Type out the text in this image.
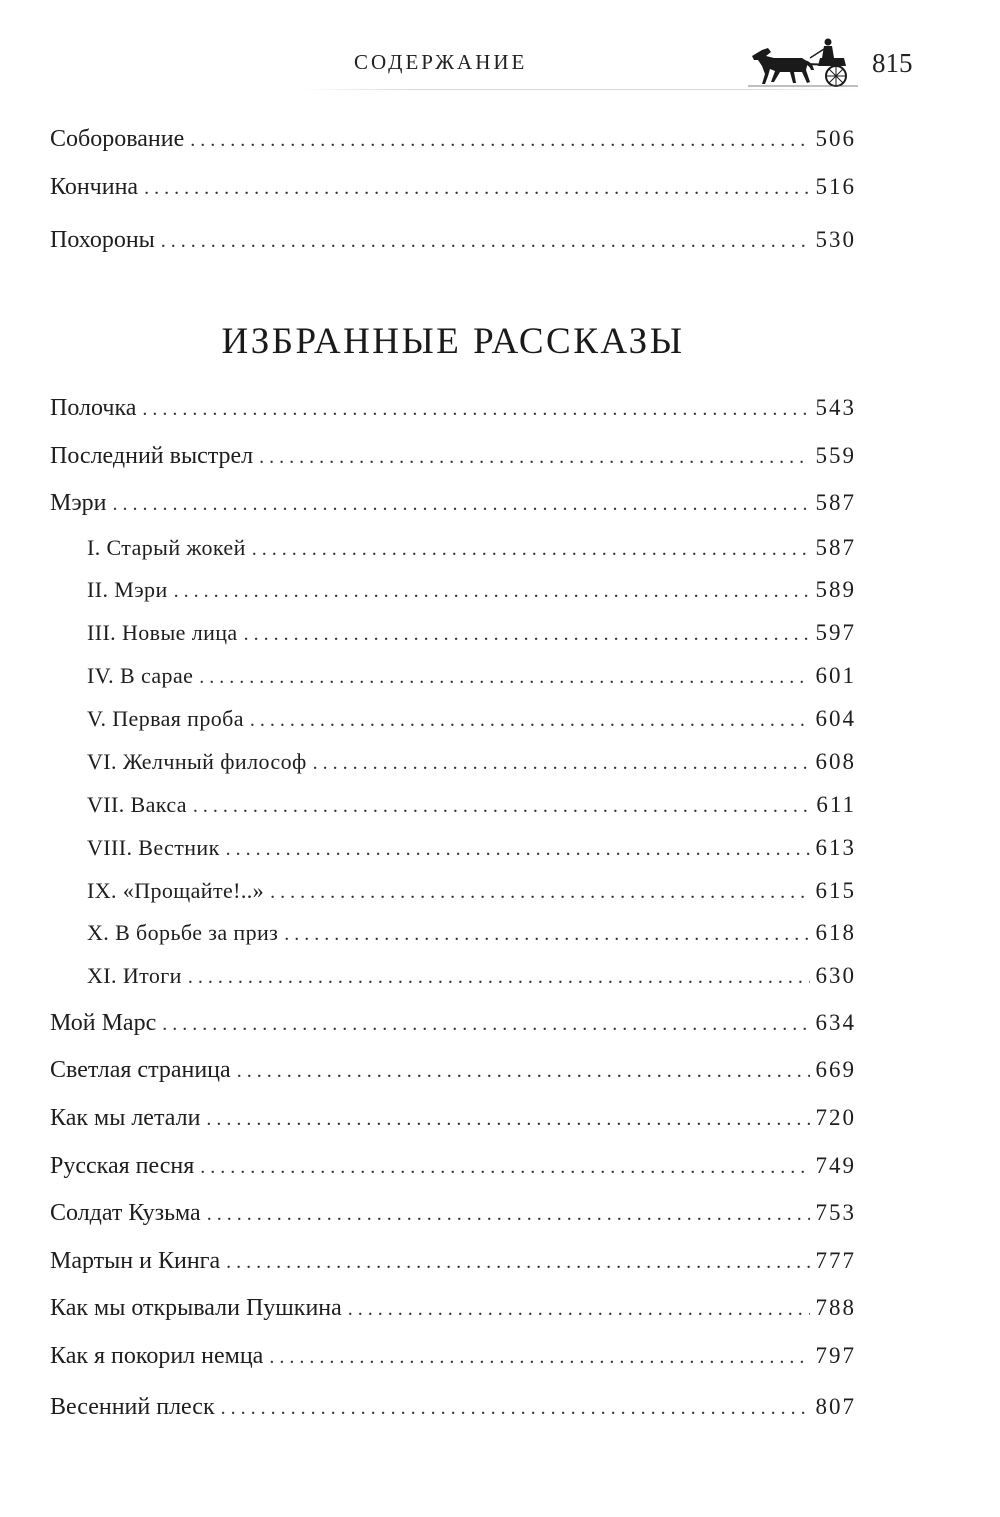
СОДЕРЖАНИЕ	815
Соборование . . .	506
Кончина . . .	516
Похороны . . .	530
ИЗБРАННЫЕ РАССКАЗЫ
Полочка . . .	543
Последний выстрел . . .	559
Мэри . . .	587
I. Старый жокей . . .	587
II. Мэри . . .	589
III. Новые лица . . .	597
IV. В сарае . . .	601
V. Первая проба . . .	604
VI. Желчный философ . . .	608
VII. Вакса . . .	611
VIII. Вестник . . .	613
IX. «Прощайте!..» . . .	615
X. В борьбе за приз . . .	618
XI. Итоги . . .	630
Мой Марс . . .	634
Светлая страница . . .	669
Как мы летали . . .	720
Русская песня . . .	749
Солдат Кузьма . . .	753
Мартын и Кинга . . .	777
Как мы открывали Пушкина . . .	788
Как я покорил немца . . .	797
Весенний плеск . . .	807
